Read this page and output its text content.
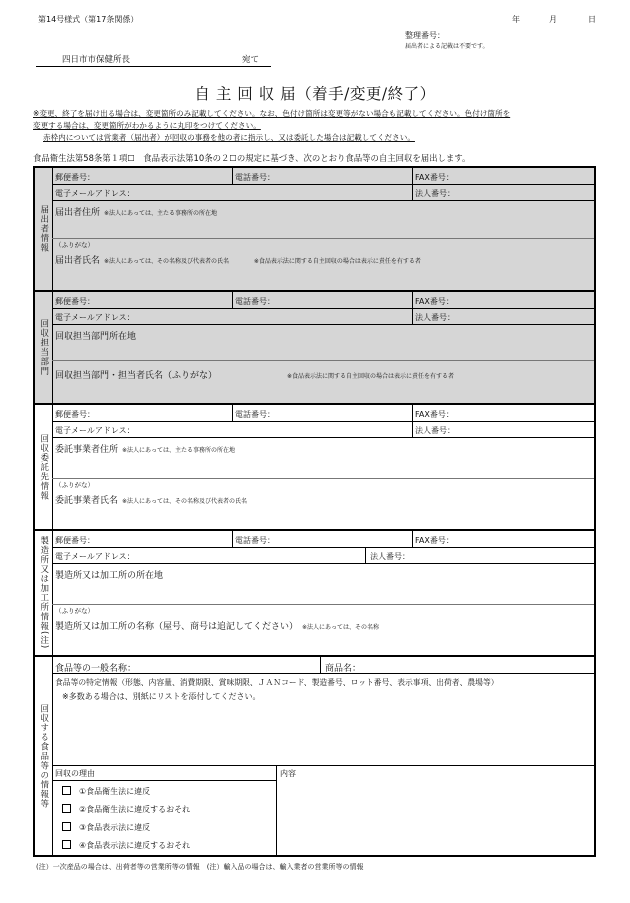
第14号様式（第17条関係）	年	月	日
整理番号：
届出者による記載は不要です。
四日市市保健所長	宛て
自 主 回 収 届（着手/変更/終了）
※変更、終了を届け出る場合は、変更箇所のみ記載してください。なお、色付け箇所は変更等がない場合も記載してください。色付け箇所を
変更する場合は、変更箇所がわかるように丸印をつけてください。
赤枠内については営業者（届出者）が回収の事務を他の者に指示し、又は委託した場合は記載してください。
食品衛生法第58条第１項☐　食品表示法第10条の２☐の規定に基づき、次のとおり食品等の自主回収を届出します。
届出者情報
郵便番号：	電話番号：	FAX番号：
電子メールアドレス：	法人番号：
届出者住所 ※法人にあっては、主たる事務所の所在地
（ふりがな）
届出者氏名 ※法人にあっては、その名称及び代表者の氏名	※食品表示法に関する自主回収の場合は表示に責任を有する者
回収担当部門
郵便番号：	電話番号：	FAX番号：
電子メールアドレス：	法人番号：
回収担当部門所在地
回収担当部門・担当者氏名（ふりがな）	※食品表示法に関する自主回収の場合は表示に責任を有する者
回収委託先情報
郵便番号：	電話番号：	FAX番号：
電子メールアドレス：	法人番号：
委託事業者住所 ※法人にあっては、主たる事務所の所在地
（ふりがな）
委託事業者氏名 ※法人にあっては、その名称及び代表者の氏名
製造所又は加工所情報(注) 郵便番号：	電話番号：	FAX番号：
電子メールアドレス：	法人番号：
製造所又は加工所の所在地
（ふりがな）
製造所又は加工所の名称（屋号、商号は追記してください） ※法人にあっては、その名称
回収する食品等の情報等
食品等の一般名称：	商品名：
食品等の特定情報（形態、内容量、消費期限、賞味期限、ＪＡＮコード、製造番号、ロット番号、表示事項、出荷者、農場等）
※多数ある場合は、別紙にリストを添付してください。
回収の理由	内容
①食品衛生法に違反
②食品衛生法に違反するおそれ
③食品表示法に違反
④食品表示法に違反するおそれ
(注）一次産品の場合は、出荷者等の営業所等の情報　(注）輸入品の場合は、輸入業者の営業所等の情報
